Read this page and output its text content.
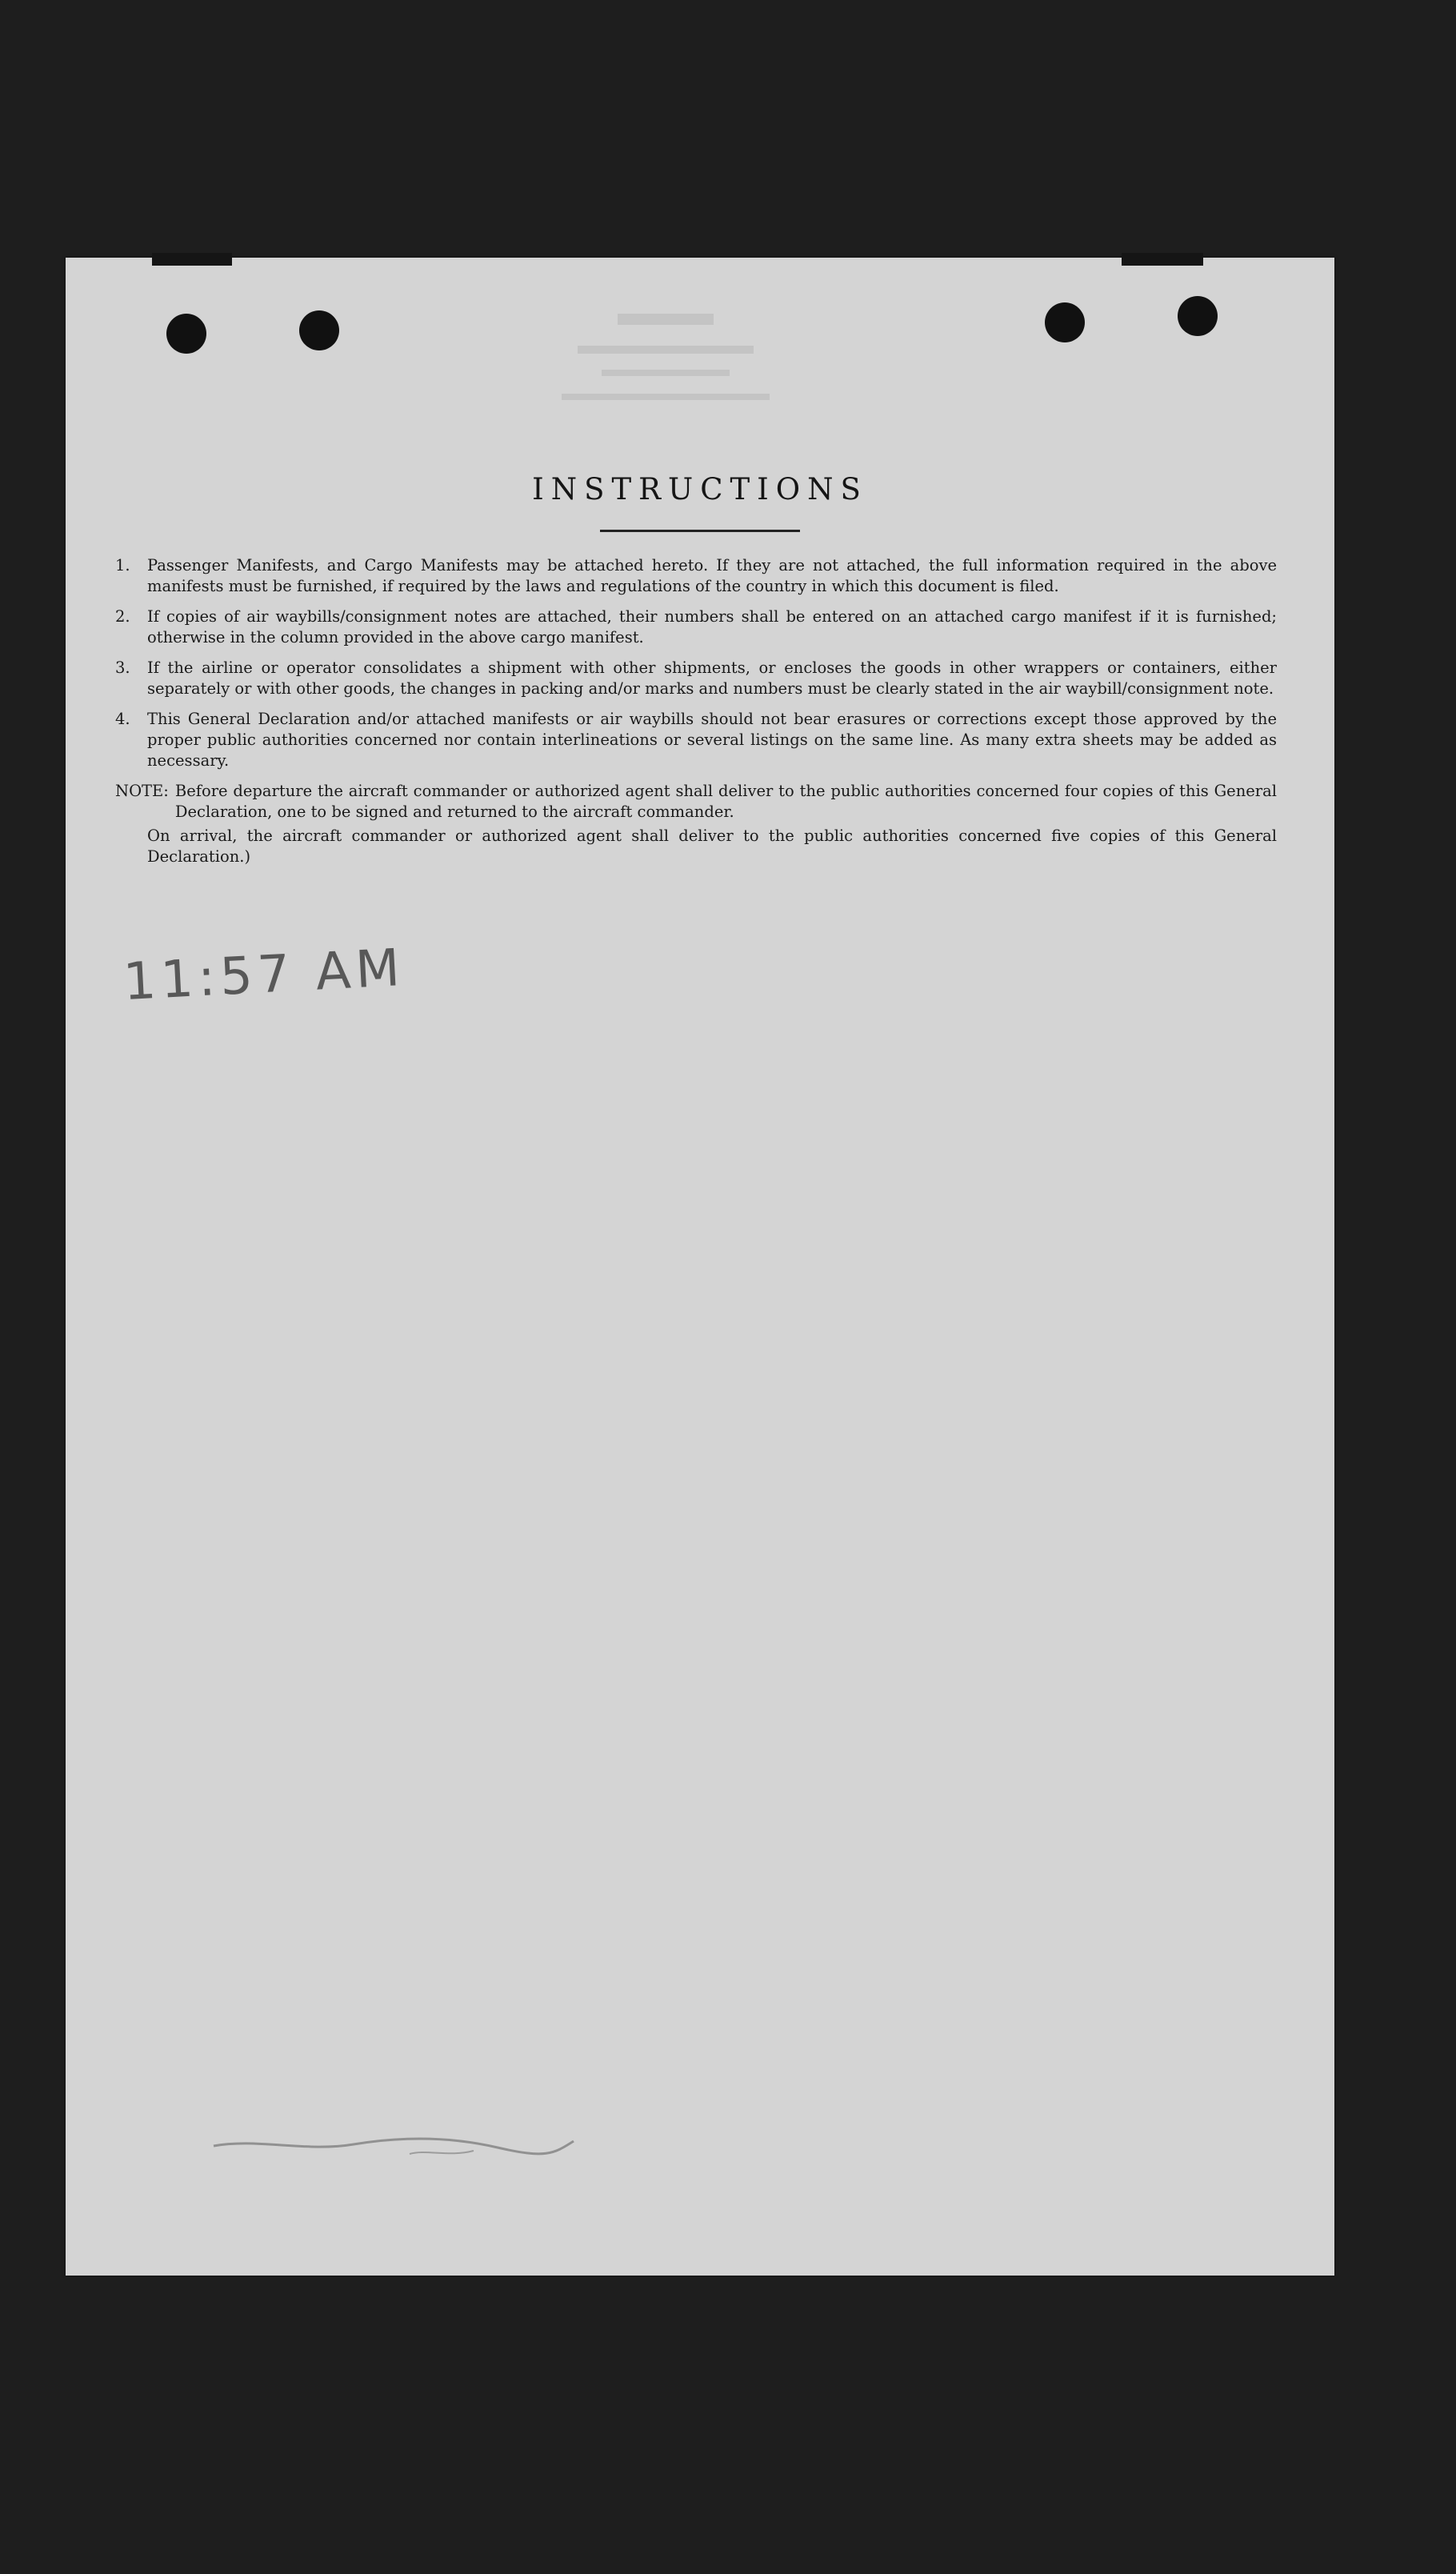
INSTRUCTIONS
1.	Passenger Manifests, and Cargo Manifests may be attached hereto. If they are not attached, the full information required in the above manifests must be furnished, if required by the laws and regulations of the country in which this document is filed.
2.	If copies of air waybills/consignment notes are attached, their numbers shall be entered on an attached cargo manifest if it is furnished; otherwise in the column provided in the above cargo manifest.
3.	If the airline or operator consolidates a shipment with other shipments, or encloses the goods in other wrappers or containers, either separately or with other goods, the changes in packing and/or marks and numbers must be clearly stated in the air waybill/consignment note.
4.	This General Declaration and/or attached manifests or air waybills should not bear erasures or corrections except those approved by the proper public authorities concerned nor contain interlineations or several listings on the same line. As many extra sheets may be added as necessary.
NOTE: Before departure the aircraft commander or authorized agent shall deliver to the public authorities concerned four copies of this General Declaration, one to be signed and returned to the aircraft commander.
On arrival, the aircraft commander or authorized agent shall deliver to the public authorities concerned five copies of this General Declaration.)
11:57 AM
